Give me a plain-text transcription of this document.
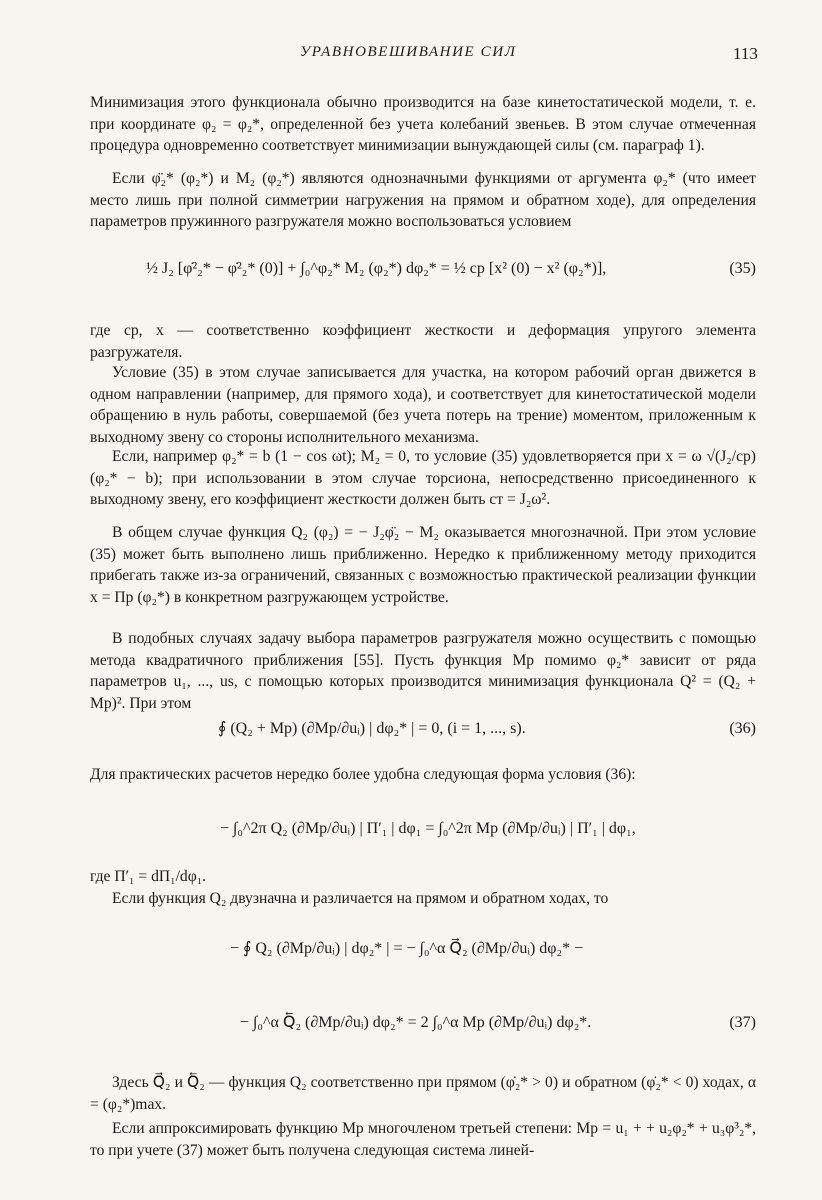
УРАВНОВЕШИВАНИЕ СИЛ	113

Минимизация этого функционала обычно производится на базе кинетостатической модели, т. е. при координате φ₂ = φ₂*, определенной без учета колебаний звеньев. В этом случае отмеченная процедура одновременно соответствует минимизации вынуждающей силы (см. параграф 1).

Если φ̈₂* (φ₂*) и M₂ (φ₂*) являются однозначными функциями от аргумента φ₂* (что имеет место лишь при полной симметрии нагружения на прямом и обратном ходе), для определения параметров пружинного разгружателя можно воспользоваться условием

½ J₂ [φ̇²₂* − φ̇²₂* (0)] + ∫₀^φ₂* M₂ (φ₂*) dφ₂* = ½ cр [x² (0) − x² (φ₂*)],	(35)

где cр, x — соответственно коэффициент жесткости и деформация упругого элемента разгружателя.

Условие (35) в этом случае записывается для участка, на котором рабочий орган движется в одном направлении (например, для прямого хода), и соответствует для кинетостатической модели обращению в нуль работы, совершаемой (без учета потерь на трение) моментом, приложенным к выходному звену со стороны исполнительного механизма.

Если, например φ₂* = b (1 − cos ωt); M₂ = 0, то условие (35) удовлетворяется при x = ω √(J₂/cр) (φ₂* − b); при использовании в этом случае торсиона, непосредственно присоединенного к выходному звену, его коэффициент жесткости должен быть cт = J₂ω².

В общем случае функция Q₂ (φ₂) = − J₂φ̈₂ − M₂ оказывается многозначной. При этом условие (35) может быть выполнено лишь приближенно. Нередко к приближенному методу приходится прибегать также из-за ограничений, связанных с возможностью практической реализации функции x = Пр (φ₂*) в конкретном разгружающем устройстве.

В подобных случаях задачу выбора параметров разгружателя можно осуществить с помощью метода квадратичного приближения [55]. Пусть функция Mр помимо φ₂* зависит от ряда параметров u₁, ..., us, с помощью которых производится минимизация функционала Q² = (Q₂ + Mр)². При этом

∮ (Q₂ + Mр) (∂Mр/∂uᵢ) | dφ₂* | = 0, (i = 1, ..., s).	(36)

Для практических расчетов нередко более удобна следующая форма условия (36):

− ∫₀^2π Q₂ (∂Mр/∂uᵢ) | П′₁ | dφ₁ = ∫₀^2π Mр (∂Mр/∂uᵢ) | П′₁ | dφ₁,

где П′₁ = dП₁/dφ₁.

Если функция Q₂ двузначна и различается на прямом и обратном ходах, то

− ∮ Q₂ (∂Mр/∂uᵢ) | dφ₂* | = − ∫₀^α Q⃗₂ (∂Mр/∂uᵢ) dφ₂* −
− ∫₀^α Q⃖₂ (∂Mр/∂uᵢ) dφ₂* = 2 ∫₀^α Mр (∂Mр/∂uᵢ) dφ₂*.	(37)

Здесь Q⃗₂ и Q⃖₂ — функция Q₂ соответственно при прямом (φ̇₂* > 0) и обратном (φ̇₂* < 0) ходах, α = (φ₂*)max.

Если аппроксимировать функцию Mр многочленом третьей степени: Mр = u₁ + + u₂φ₂* + u₃φ³₂*, то при учете (37) может быть получена следующая система линей-
